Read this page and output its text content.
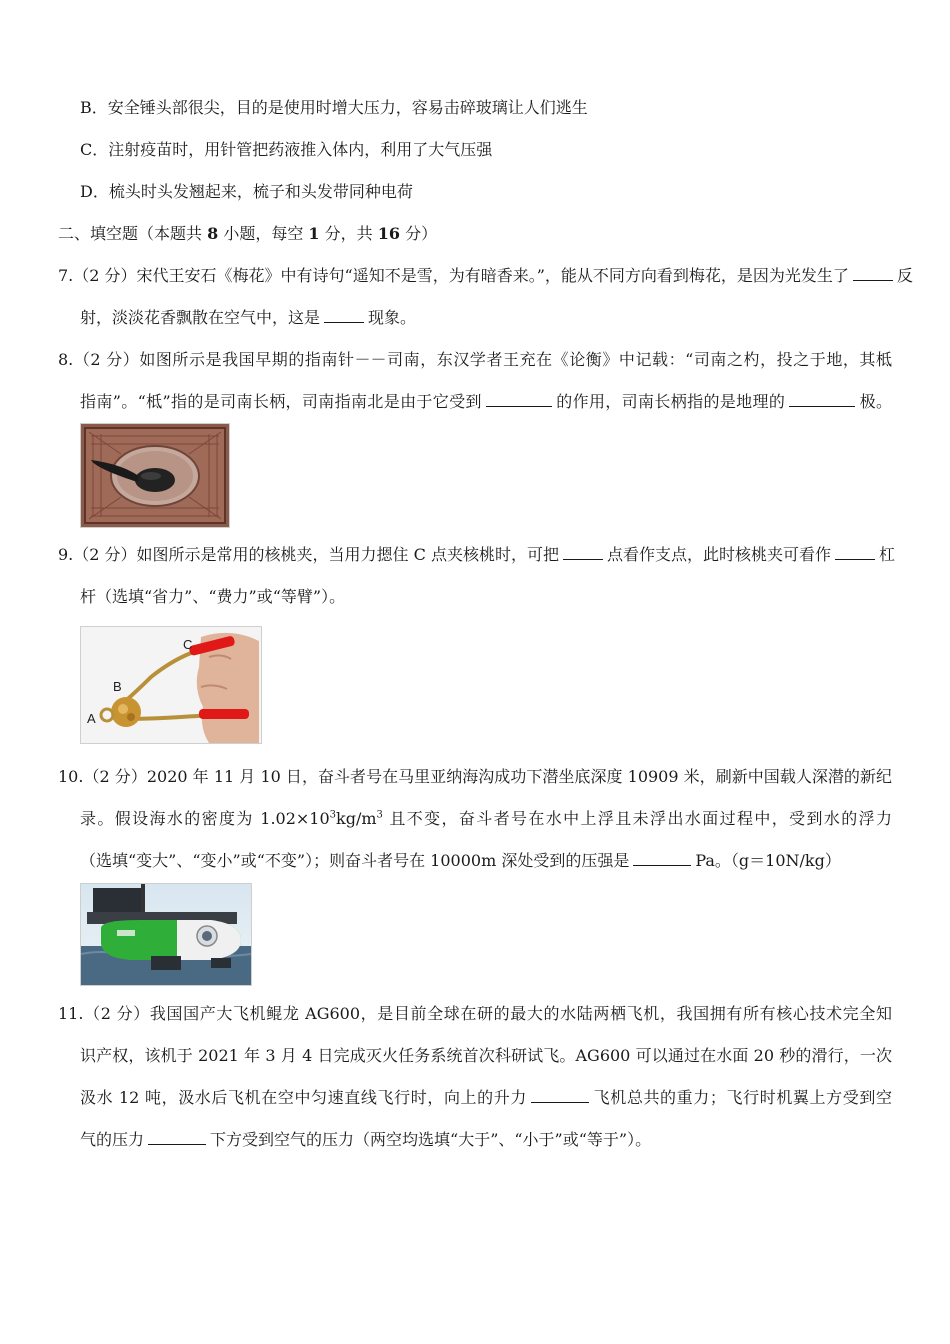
B．安全锤头部很尖，目的是使用时增大压力，容易击碎玻璃让人们逃生
C．注射疫苗时，用针管把药液推入体内，利用了大气压强
D．梳头时头发翘起来，梳子和头发带同种电荷
二、填空题（本题共 8 小题，每空 1 分，共 16 分）
7.（2 分）宋代王安石《梅花》中有诗句“遥知不是雪，为有暗香来。”，能从不同方向看到梅花，是因为光发生了	反
射，淡淡花香飘散在空气中，这是	现象。
8.（2 分）如图所示是我国早期的指南针－－司南，东汉学者王充在《论衡》中记载：“司南之杓，投之于地，其柢
指南”。“柢”指的是司南长柄，司南指南北是由于它受到	的作用，司南长柄指的是地理的	极。
9.（2 分）如图所示是常用的核桃夹，当用力摁住 C 点夹核桃时，可把	点看作支点，此时核桃夹可看作	杠
杆（选填“省力”、“费力”或“等臂”）。
A
B
C
10.（2 分）2020 年 11 月 10 日，奋斗者号在马里亚纳海沟成功下潜坐底深度 10909 米，刷新中国载人深潜的新纪
录。假设海水的密度为 $1.02\times 10^3kg/m^3$ 且不变，奋斗者号在水中上浮且未浮出水面过程中，受到水的浮力
（选填“变大”、“变小”或“不变”）；则奋斗者号在 10000m 深处受到的压强是	Pa。（g＝10N/kg）
11.（2 分）我国国产大飞机鲲龙 AG600，是目前全球在研的最大的水陆两栖飞机，我国拥有所有核心技术完全知
识产权，该机于 2021 年 3 月 4 日完成灭火任务系统首次科研试飞。AG600 可以通过在水面 20 秒的滑行，一次
汲水 12 吨，汲水后飞机在空中匀速直线飞行时，向上的升力	飞机总共的重力；飞行时机翼上方受到空
气的压力	下方受到空气的压力（两空均选填“大于”、“小于”或“等于”）。
